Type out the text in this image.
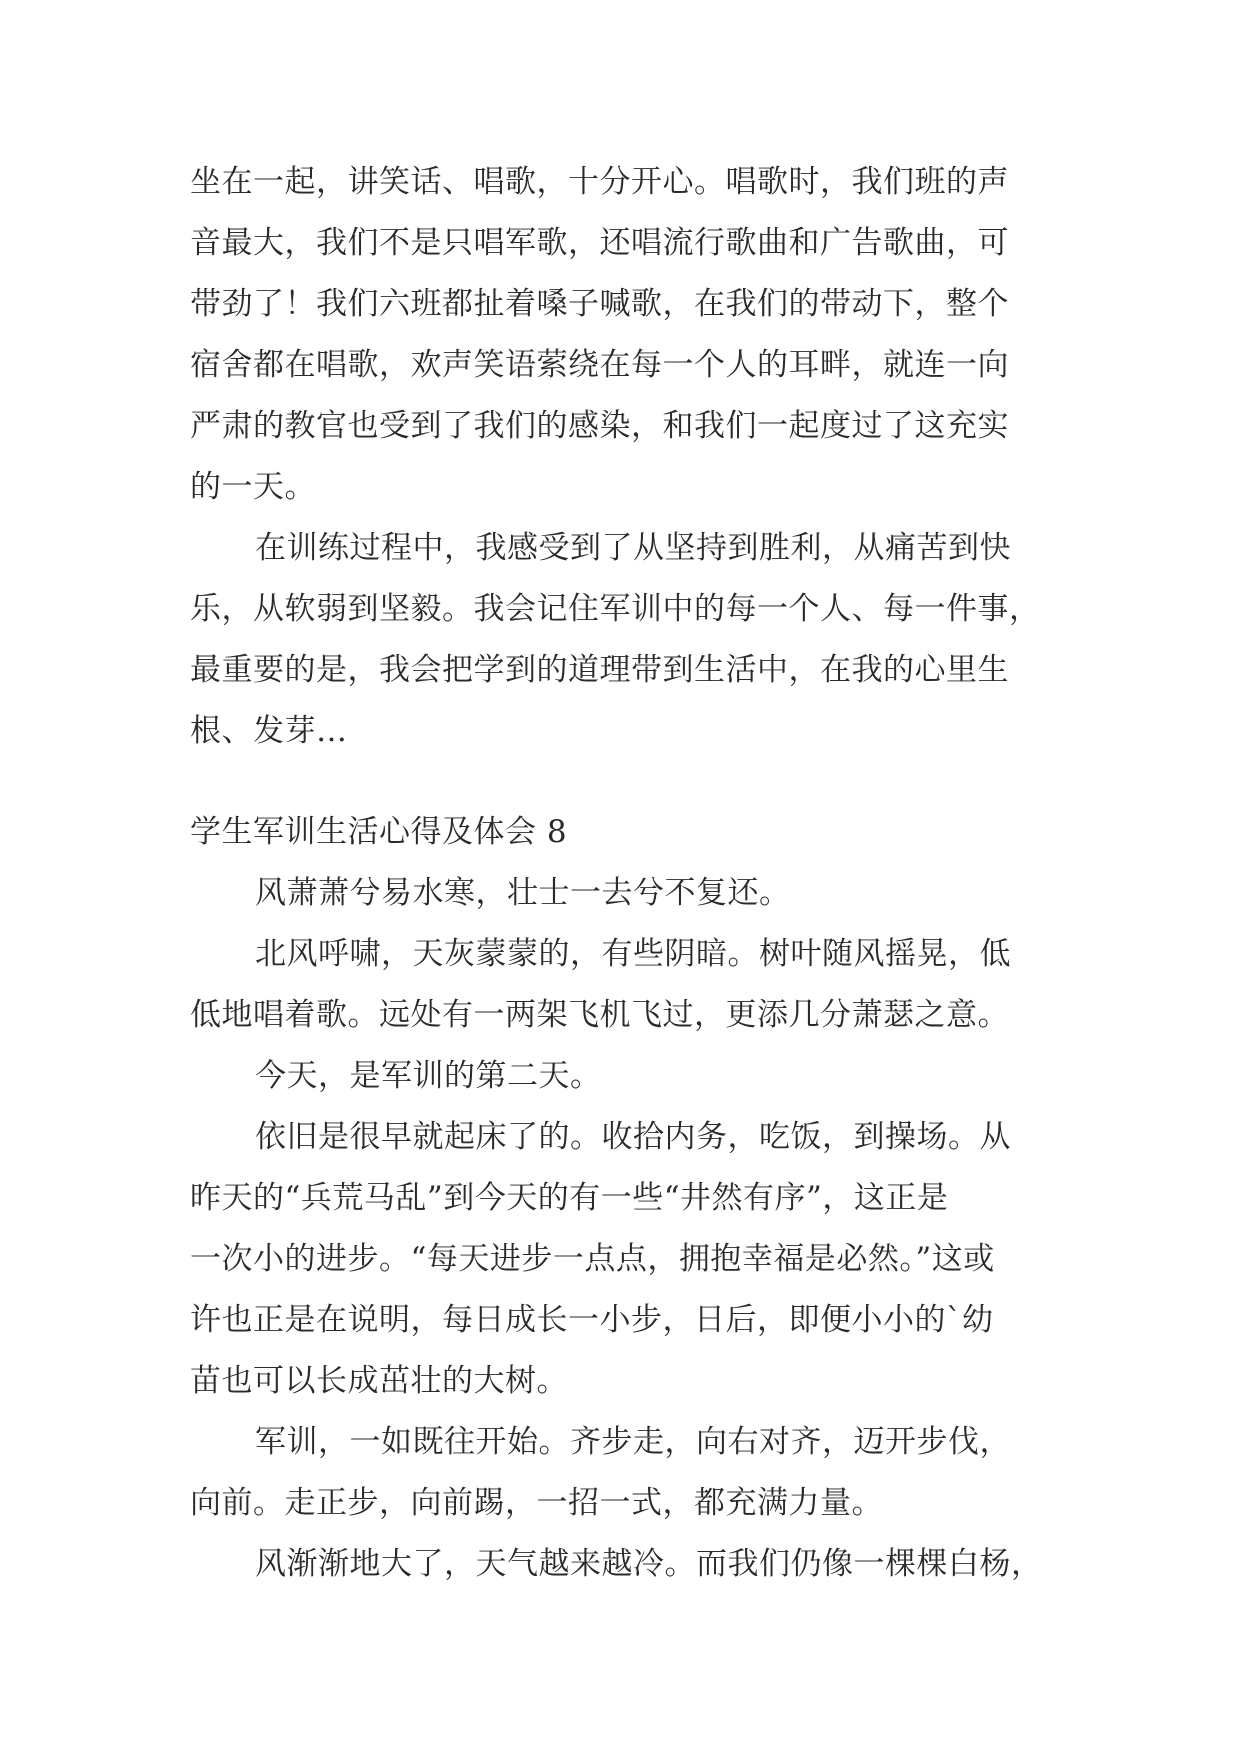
坐在一起，讲笑话、唱歌，十分开心。唱歌时，我们班的声
音最大，我们不是只唱军歌，还唱流行歌曲和广告歌曲，可
带劲了！我们六班都扯着嗓子喊歌，在我们的带动下，整个
宿舍都在唱歌，欢声笑语萦绕在每一个人的耳畔，就连一向
严肃的教官也受到了我们的感染，和我们一起度过了这充实
的一天。
在训练过程中，我感受到了从坚持到胜利，从痛苦到快
乐，从软弱到坚毅。我会记住军训中的每一个人、每一件事，
最重要的是，我会把学到的道理带到生活中，在我的心里生
根、发芽…
学生军训生活心得及体会 8
风萧萧兮易水寒，壮士一去兮不复还。
北风呼啸，天灰蒙蒙的，有些阴暗。树叶随风摇晃，低
低地唱着歌。远处有一两架飞机飞过，更添几分萧瑟之意。
今天，是军训的第二天。
依旧是很早就起床了的。收拾内务，吃饭，到操场。从
昨天的“兵荒马乱”到今天的有一些“井然有序”，这正是
一次小的进步。“每天进步一点点，拥抱幸福是必然。”这或
许也正是在说明，每日成长一小步，日后，即便小小的`幼
苗也可以长成茁壮的大树。
军训，一如既往开始。齐步走，向右对齐，迈开步伐，
向前。走正步，向前踢，一招一式，都充满力量。
风渐渐地大了，天气越来越冷。而我们仍像一棵棵白杨，
